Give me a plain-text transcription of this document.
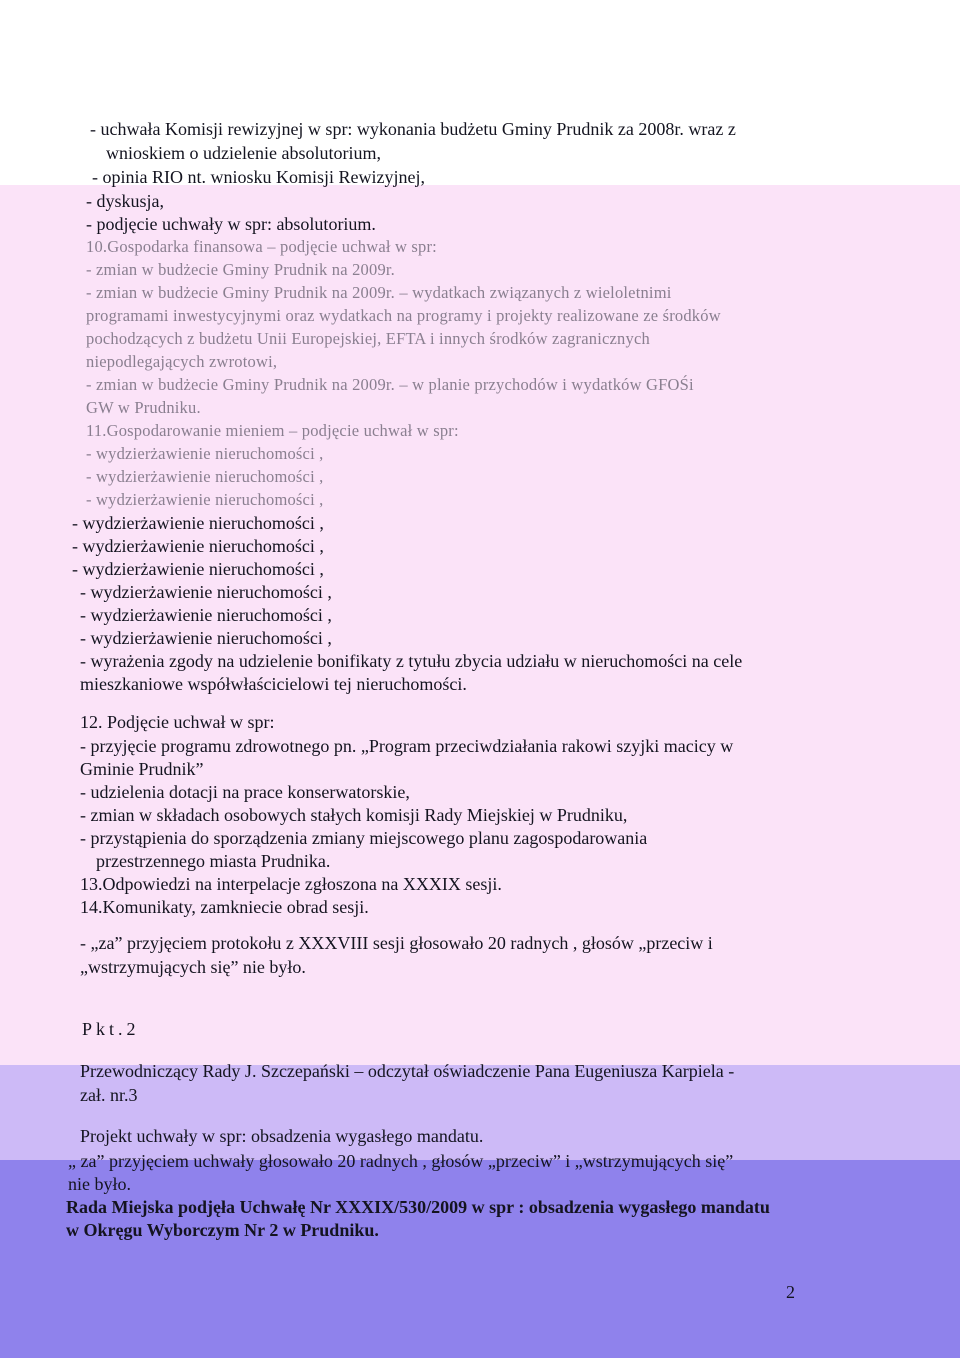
- uchwała Komisji rewizyjnej w spr: wykonania budżetu Gminy Prudnik za 2008r. wraz z
wnioskiem o udzielenie absolutorium,
- opinia RIO nt. wniosku Komisji Rewizyjnej,
- dyskusja,
- podjęcie uchwały w spr: absolutorium.
10.Gospodarka finansowa – podjęcie uchwał w spr:
- zmian w budżecie Gminy Prudnik na 2009r.
- zmian w budżecie Gminy Prudnik na 2009r. – wydatkach związanych z wieloletnimi
programami inwestycyjnymi oraz wydatkach na programy i projekty realizowane ze środków
pochodzących z budżetu Unii Europejskiej, EFTA i innych środków zagranicznych
niepodlegających zwrotowi,
- zmian w budżecie Gminy Prudnik na 2009r. – w planie przychodów i wydatków GFOŚi
GW w Prudniku.
11.Gospodarowanie mieniem – podjęcie uchwał w spr:
- wydzierżawienie nieruchomości ,
- wydzierżawienie nieruchomości ,
- wydzierżawienie nieruchomości ,
- wydzierżawienie nieruchomości ,
- wydzierżawienie nieruchomości ,
- wydzierżawienie nieruchomości ,
- wydzierżawienie nieruchomości ,
- wydzierżawienie nieruchomości ,
- wydzierżawienie nieruchomości ,
- wyrażenia zgody na udzielenie bonifikaty z tytułu zbycia udziału w nieruchomości na cele
mieszkaniowe współwłaścicielowi tej nieruchomości.
12. Podjęcie uchwał w spr:
- przyjęcie programu zdrowotnego pn. „Program przeciwdziałania rakowi szyjki macicy w
Gminie Prudnik”
- udzielenia dotacji na prace konserwatorskie,
- zmian w składach osobowych stałych komisji Rady Miejskiej w Prudniku,
- przystąpienia do sporządzenia zmiany miejscowego planu zagospodarowania
przestrzennego miasta Prudnika.
13.Odpowiedzi na interpelacje zgłoszona na XXXIX sesji.
14.Komunikaty, zamkniecie obrad sesji.
- „za” przyjęciem protokołu z XXXVIII sesji głosowało 20 radnych , głosów „przeciw i
„wstrzymujących się” nie było.
Pkt.2
Przewodniczący Rady J. Szczepański – odczytał oświadczenie Pana Eugeniusza Karpiela -
zał. nr.3
Projekt uchwały w spr: obsadzenia wygasłego mandatu.
„ za” przyjęciem uchwały głosowało 20 radnych , głosów „przeciw” i „wstrzymujących się”
nie było.
Rada Miejska podjęła Uchwałę Nr XXXIX/530/2009 w spr : obsadzenia wygasłego mandatu
w Okręgu Wyborczym Nr 2 w Prudniku.
2
